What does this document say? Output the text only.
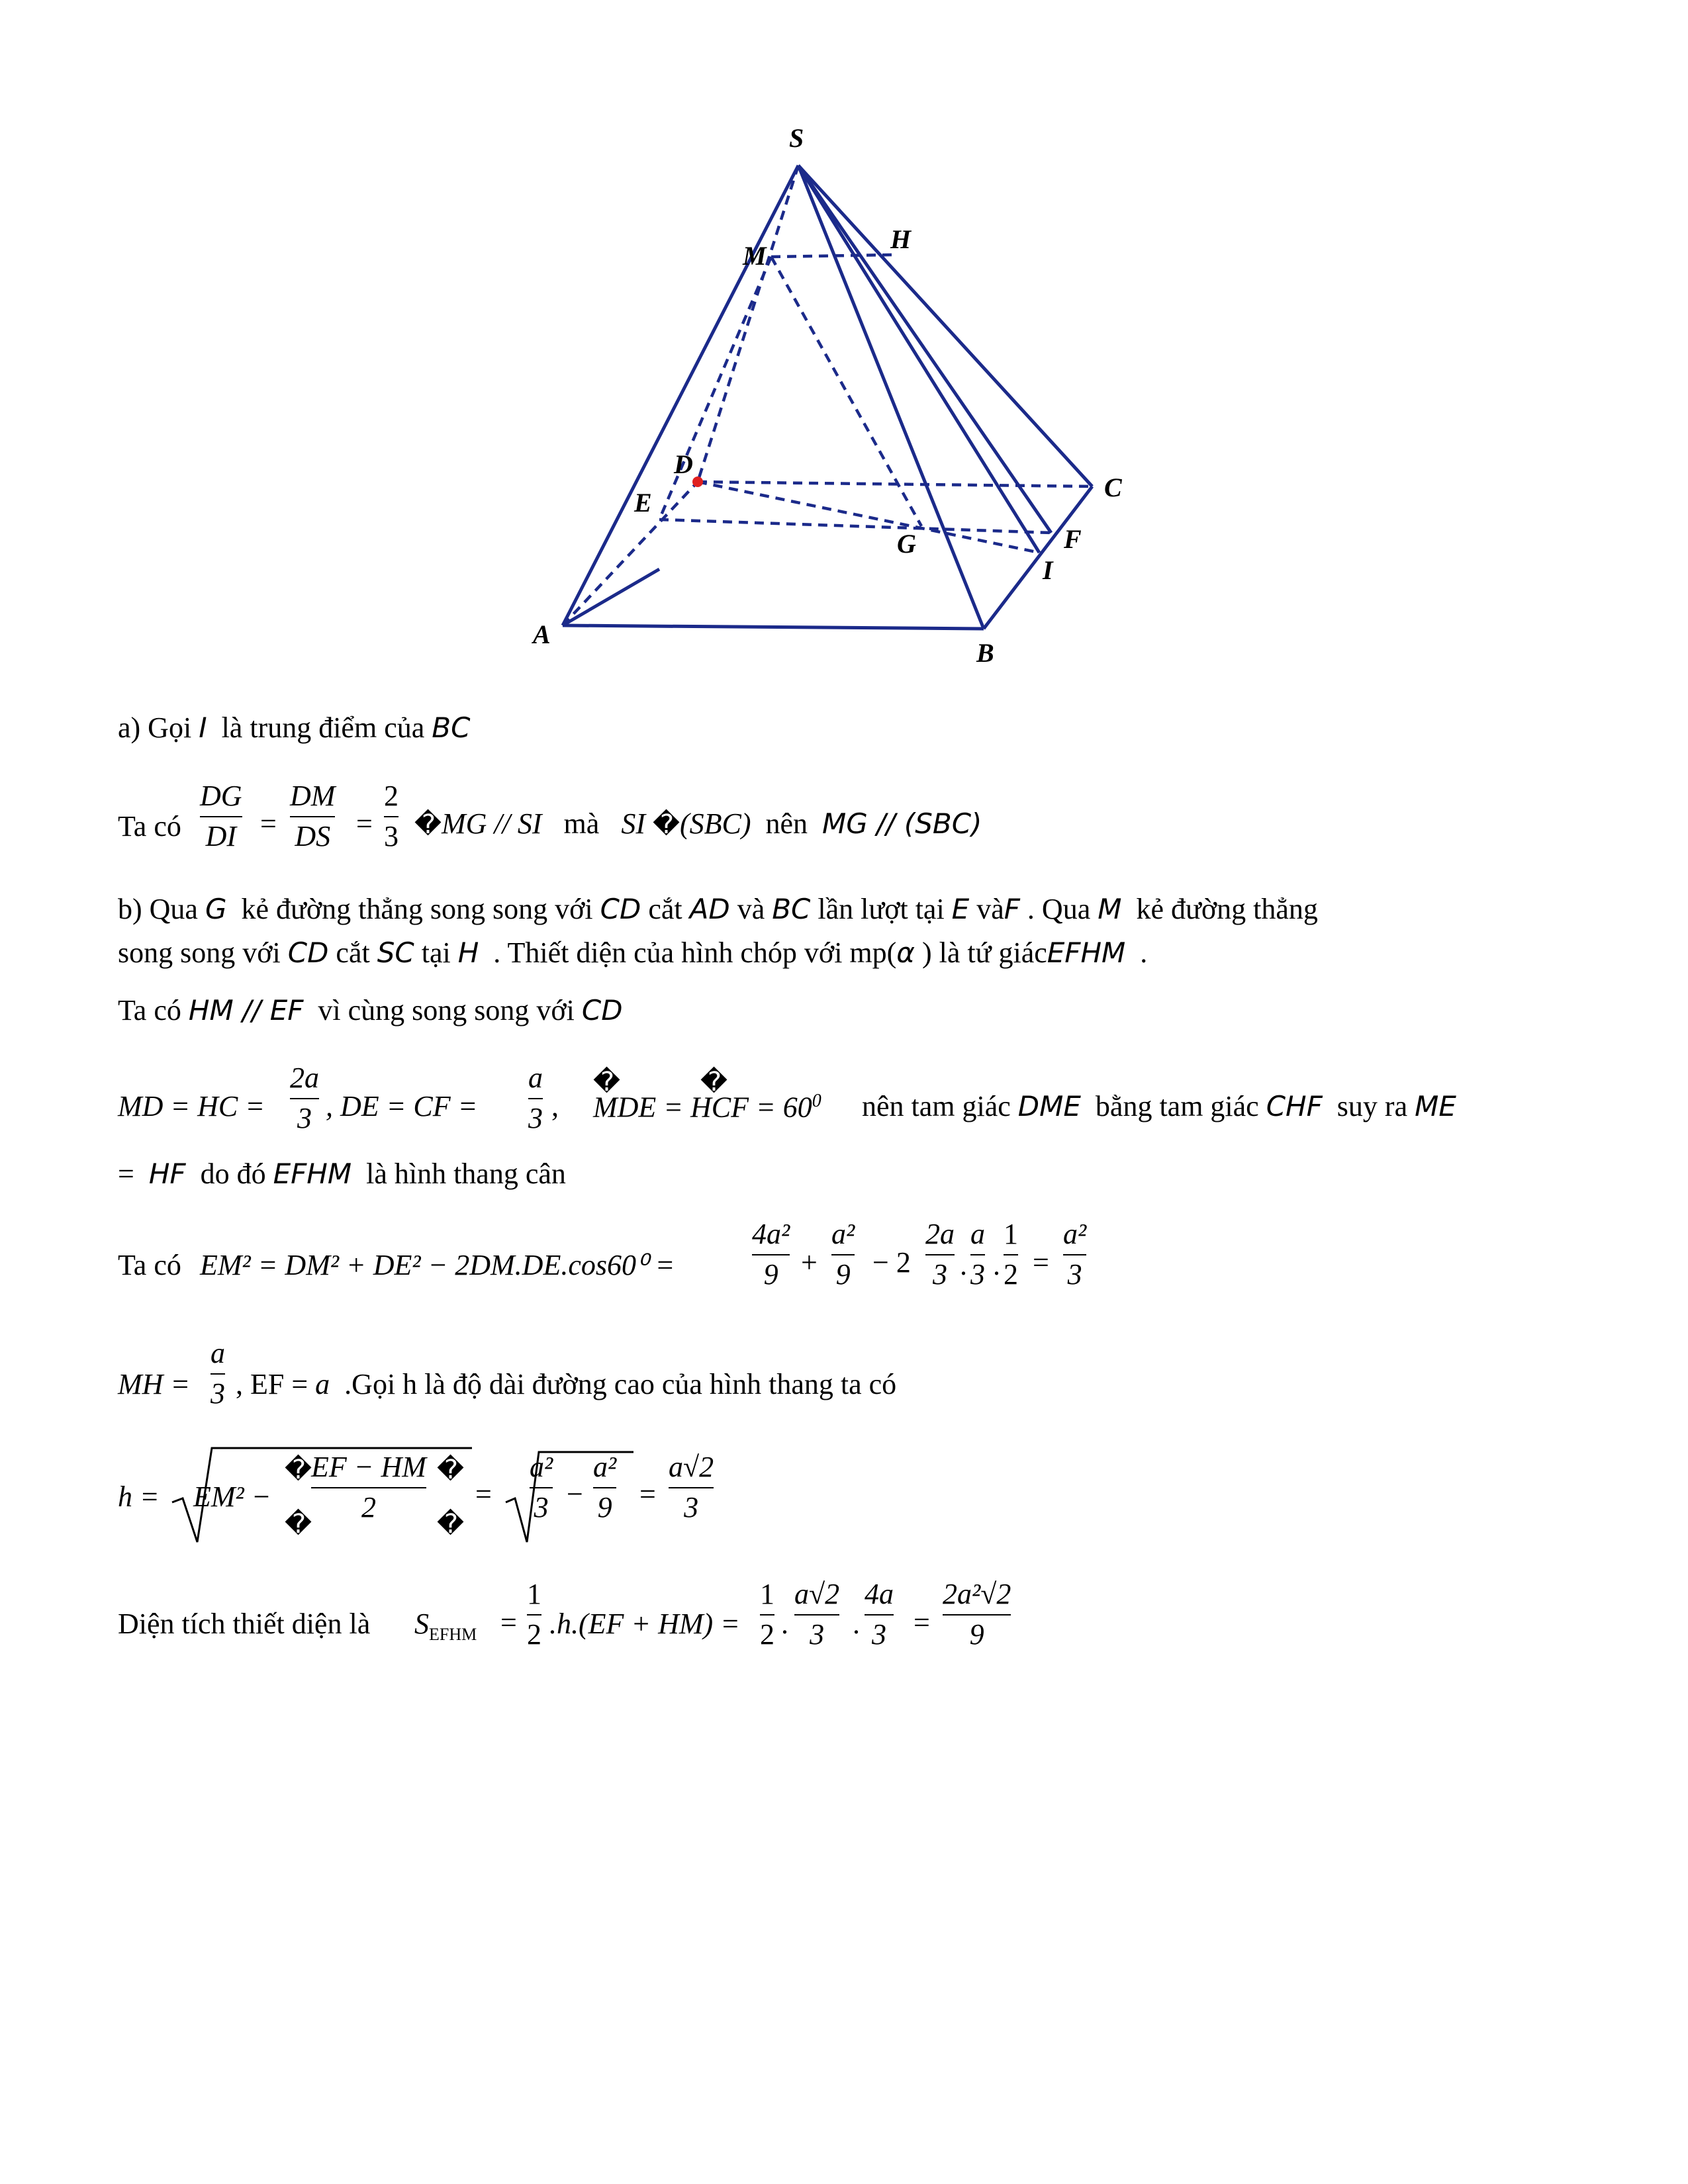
S
H
M
D
E
C
G	F
I
A
B
a) Gọi I là trung điểm của BC
Ta có
DG
DI =
DM
DS =
2
3 �MG // SI mà SI �(SBC) nên MG // (SBC)
b) Qua G kẻ đường thẳng song song với CD cắt AD và BC lần lượt tại E vàF . Qua M kẻ đường thẳng
song song với CD cắt SC tại H . Thiết diện của hình chóp với mp(α ) là tứ giácEFHM .
Ta có HM // EF vì cùng song song với CD
MD = HC =
2a
3 , DE = CF =
a
3 , MDE = HCF = $60^0$
�	�
nên tam giác DME bằng tam giác CHF suy ra ME
= HF do đó EFHM là hình thang cân
Ta có EM² = DM² + DE² − 2DM.DE.cos60⁰ =
4a²
9 +
a²
9 − 2
2a
3 .
a
3 .
1
2 =
a²
3
MH =
a
3 , EF = a .Gọi h là độ dài đường cao của hình thang ta có
h = EM² −
�
�
EF − HM
2
�
�
=
a²
3 −
a²
9 =
a√2
3
Diện tích thiết diện là $S_{EFHM}$ =
1
2 .h.(EF + HM) =
1
2 .
a√2
3 .
4a
3 =
2a²√2
9
